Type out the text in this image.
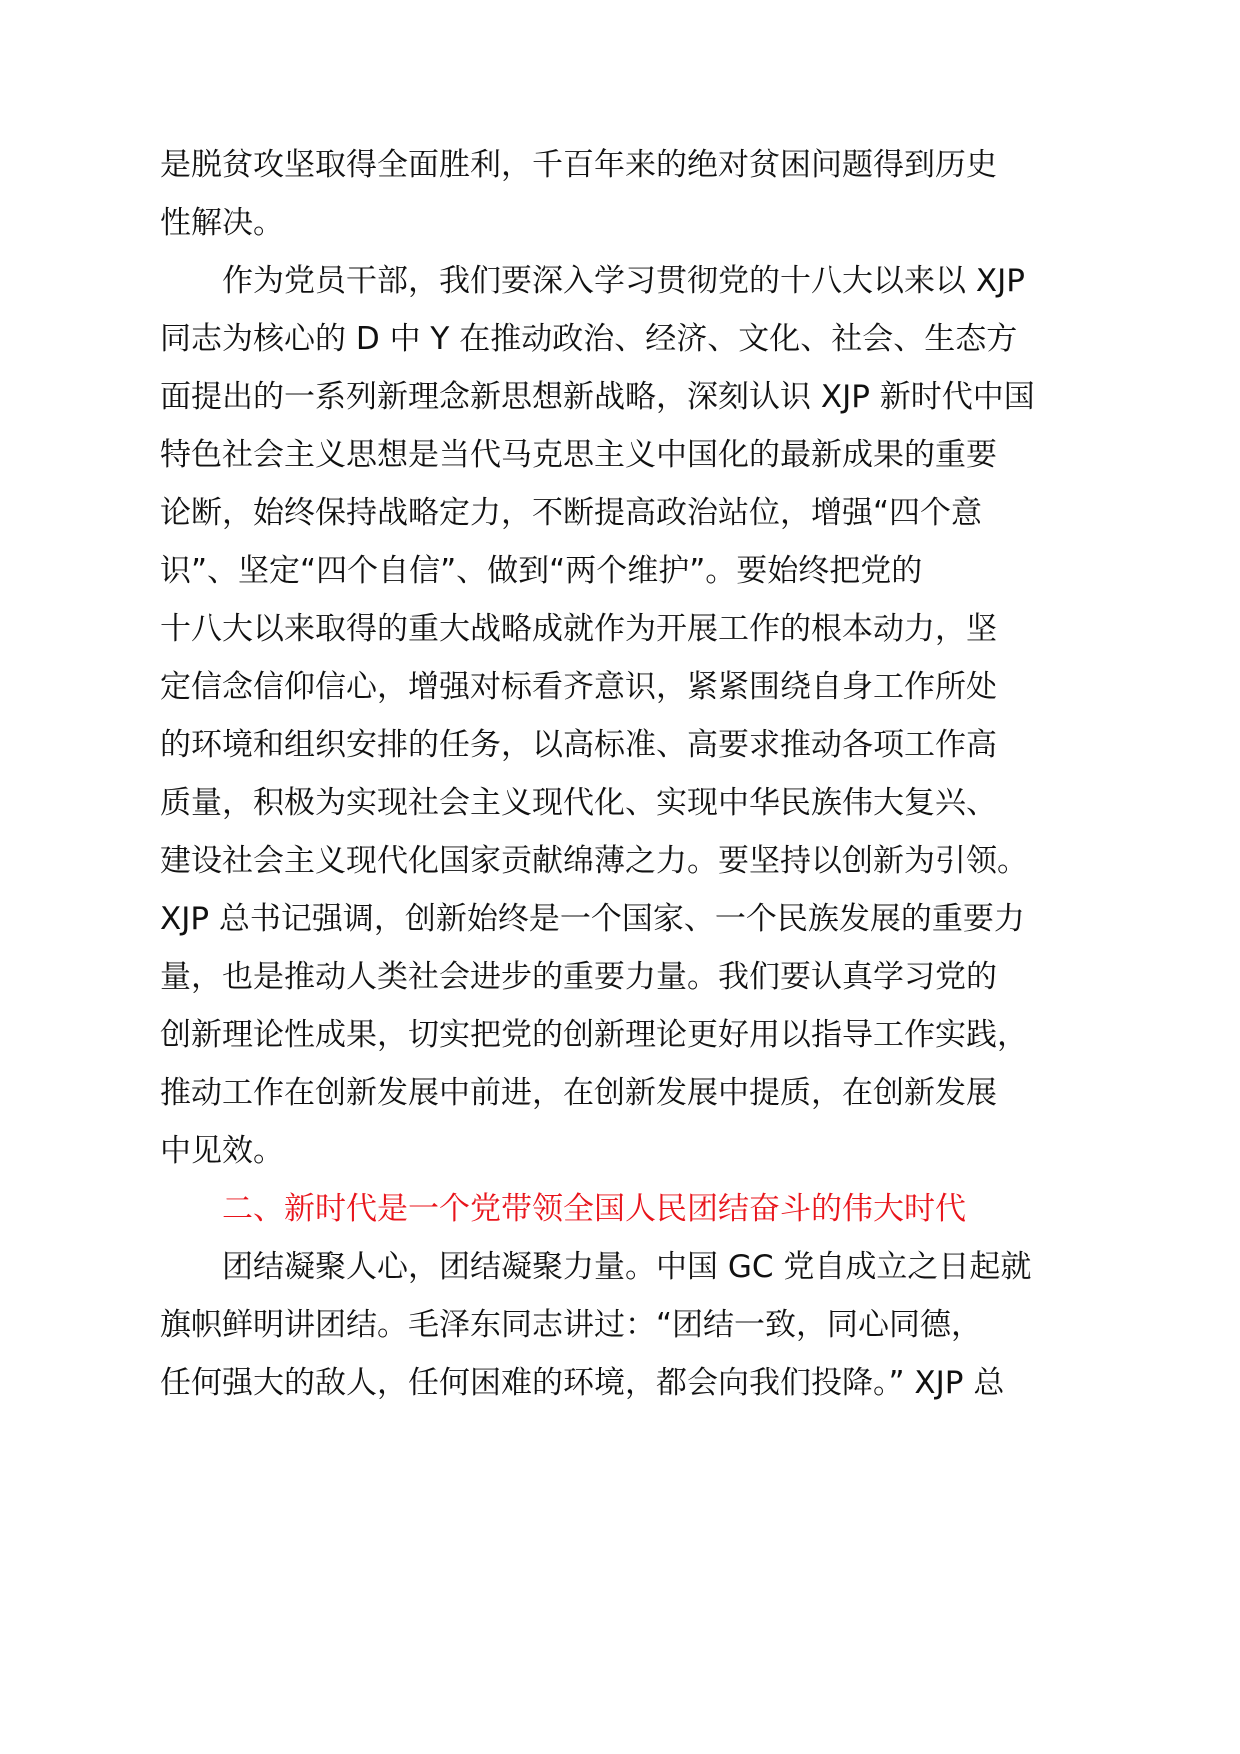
是脱贫攻坚取得全面胜利，千百年来的绝对贫困问题得到历史
性解决。
作为党员干部，我们要深入学习贯彻党的十八大以来以 XJP
同志为核心的 D 中 Y 在推动政治、经济、文化、社会、生态方
面提出的一系列新理念新思想新战略，深刻认识 XJP 新时代中国
特色社会主义思想是当代马克思主义中国化的最新成果的重要
论断，始终保持战略定力，不断提高政治站位，增强“四个意
识”、坚定“四个自信”、做到“两个维护”。要始终把党的
十八大以来取得的重大战略成就作为开展工作的根本动力，坚
定信念信仰信心，增强对标看齐意识，紧紧围绕自身工作所处
的环境和组织安排的任务，以高标准、高要求推动各项工作高
质量，积极为实现社会主义现代化、实现中华民族伟大复兴、
建设社会主义现代化国家贡献绵薄之力。要坚持以创新为引领。
XJP 总书记强调，创新始终是一个国家、一个民族发展的重要力
量，也是推动人类社会进步的重要力量。我们要认真学习党的
创新理论性成果，切实把党的创新理论更好用以指导工作实践，
推动工作在创新发展中前进，在创新发展中提质，在创新发展
中见效。
二、新时代是一个党带领全国人民团结奋斗的伟大时代
团结凝聚人心，团结凝聚力量。中国 GC 党自成立之日起就
旗帜鲜明讲团结。毛泽东同志讲过：“团结一致，同心同德，
任何强大的敌人，任何困难的环境，都会向我们投降。” XJP 总
